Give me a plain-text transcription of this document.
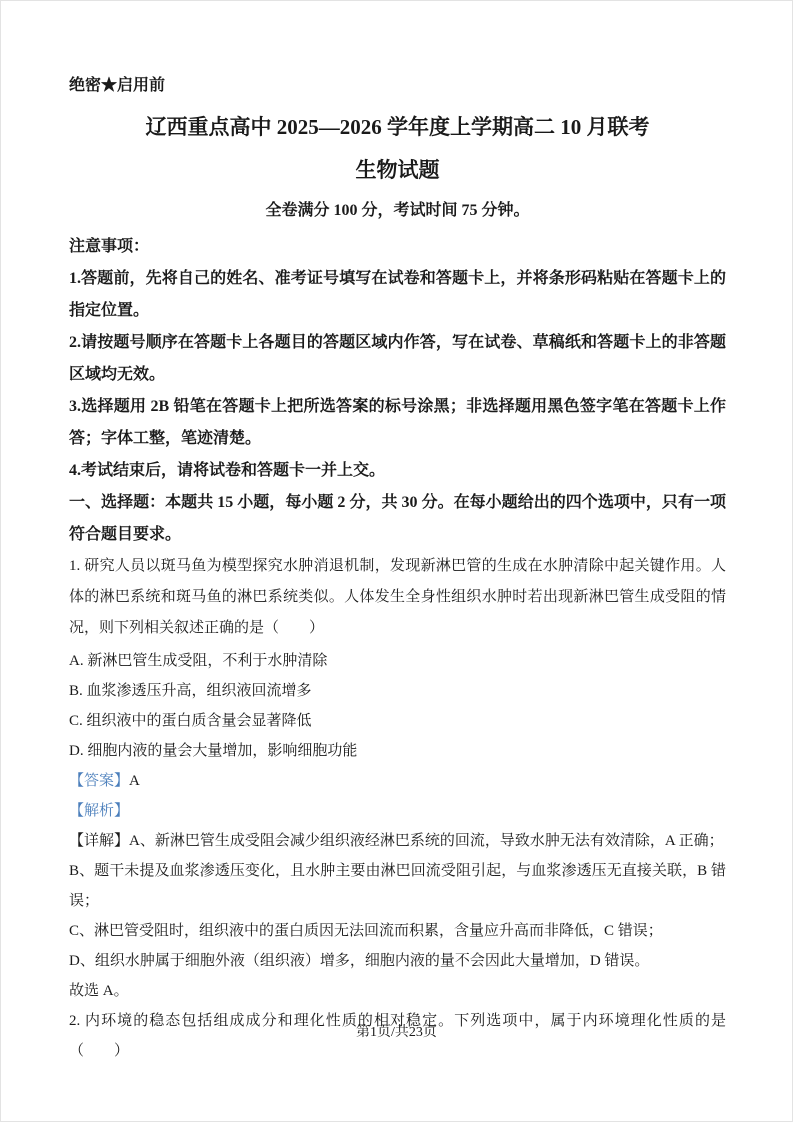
绝密★启用前
辽西重点高中 2025—2026 学年度上学期高二 10 月联考
生物试题
全卷满分 100 分，考试时间 75 分钟。
注意事项：

1.答题前，先将自己的姓名、准考证号填写在试卷和答题卡上，并将条形码粘贴在答题卡上的指定位置。

2.请按题号顺序在答题卡上各题目的答题区域内作答，写在试卷、草稿纸和答题卡上的非答题区域均无效。

3.选择题用 2B 铅笔在答题卡上把所选答案的标号涂黑；非选择题用黑色签字笔在答题卡上作答；字体工整，笔迹清楚。

4.考试结束后，请将试卷和答题卡一并上交。

一、选择题：本题共 15 小题，每小题 2 分，共 30 分。在每小题给出的四个选项中，只有一项符合题目要求。

1. 研究人员以斑马鱼为模型探究水肿消退机制，发现新淋巴管的生成在水肿清除中起关键作用。人体的淋巴系统和斑马鱼的淋巴系统类似。人体发生全身性组织水肿时若出现新淋巴管生成受阻的情况，则下列相关叙述正确的是（　　）

A. 新淋巴管生成受阻，不利于水肿清除

B. 血浆渗透压升高，组织液回流增多

C. 组织液中的蛋白质含量会显著降低

D. 细胞内液的量会大量增加，影响细胞功能

【答案】A

【解析】

【详解】A、新淋巴管生成受阻会减少组织液经淋巴系统的回流，导致水肿无法有效清除，A 正确；

B、题干未提及血浆渗透压变化，且水肿主要由淋巴回流受阻引起，与血浆渗透压无直接关联，B 错误；

C、淋巴管受阻时，组织液中的蛋白质因无法回流而积累，含量应升高而非降低，C 错误；

D、组织水肿属于细胞外液（组织液）增多，细胞内液的量不会因此大量增加，D 错误。

故选 A。

2. 内环境的稳态包括组成成分和理化性质的相对稳定。下列选项中，属于内环境理化性质的是（　　）

第1页/共23页
